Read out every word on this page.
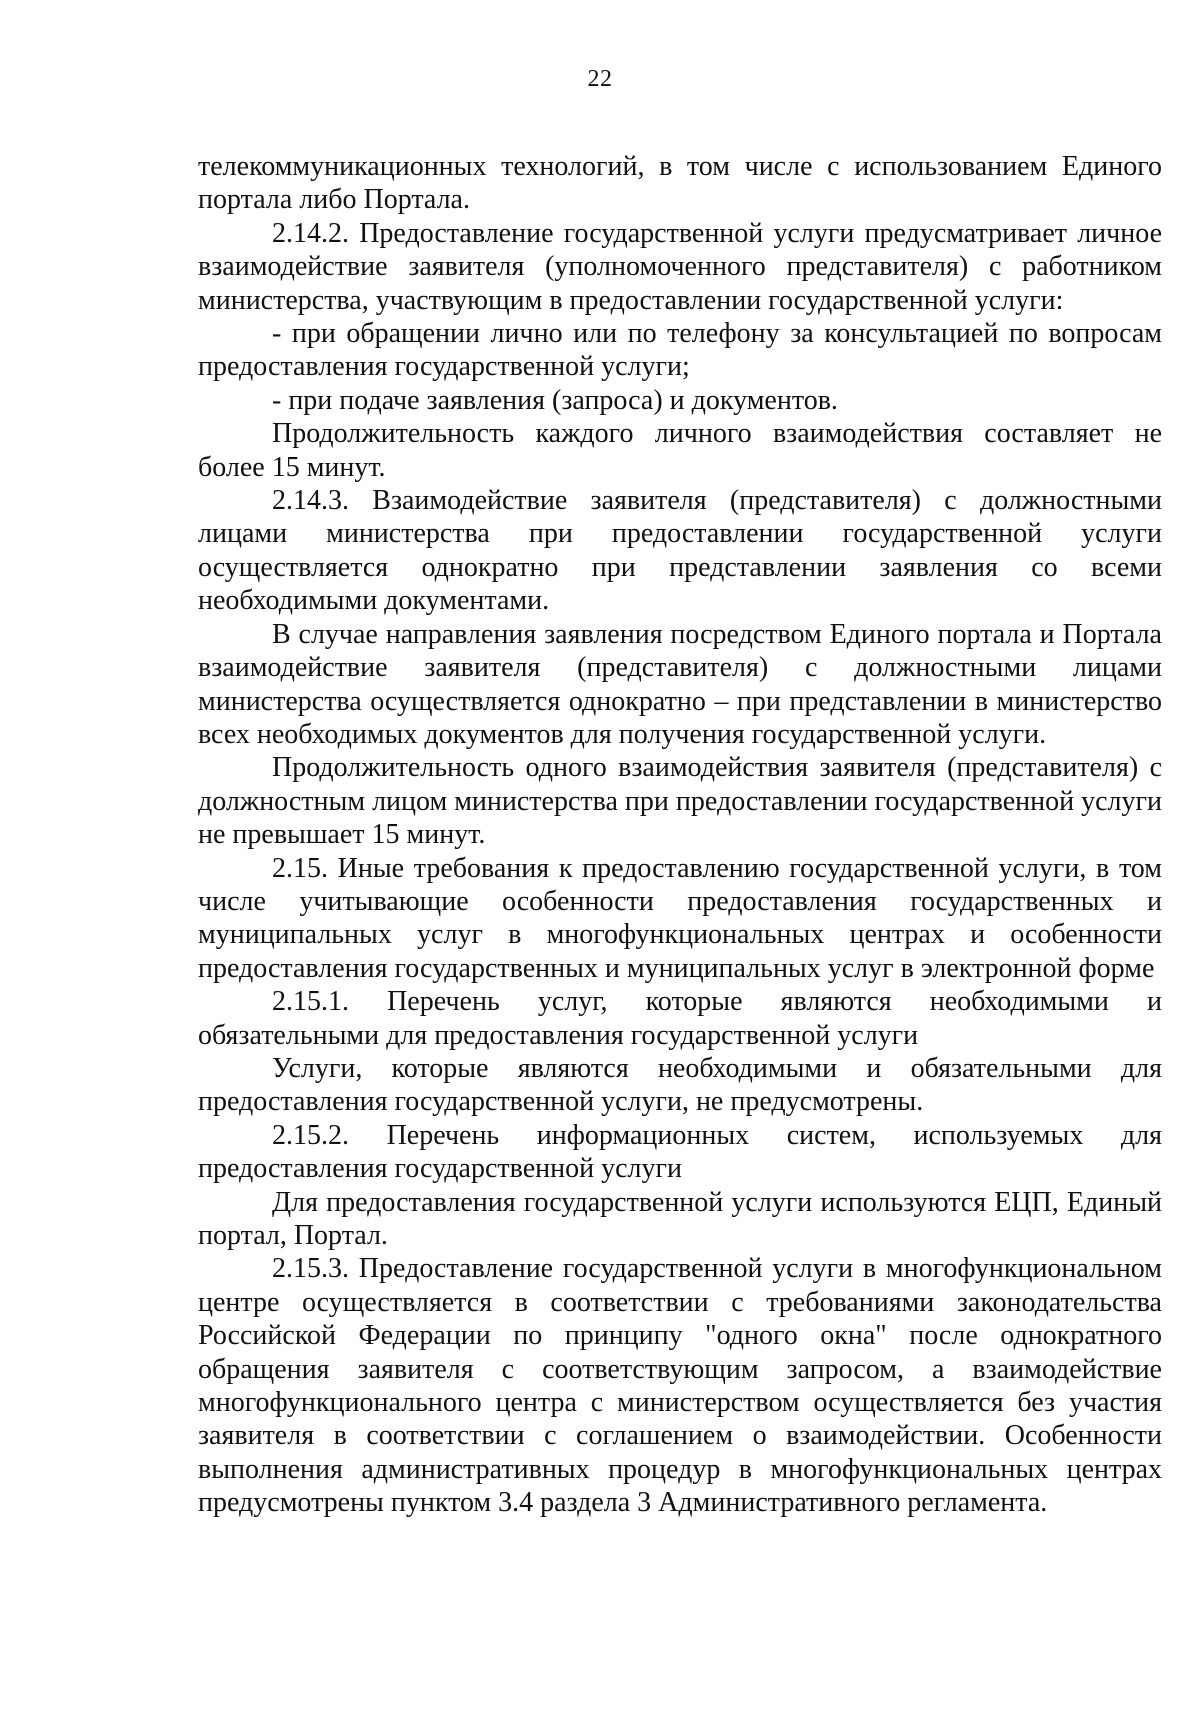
22

телекоммуникационных технологий, в том числе с использованием Единого портала либо Портала.

2.14.2. Предоставление государственной услуги предусматривает личное взаимодействие заявителя (уполномоченного представителя) с работником министерства, участвующим в предоставлении государственной услуги:

- при обращении лично или по телефону за консультацией по вопросам предоставления государственной услуги;

- при подаче заявления (запроса) и документов.

Продолжительность каждого личного взаимодействия составляет не более 15 минут.

2.14.3. Взаимодействие заявителя (представителя) с должностными лицами министерства при предоставлении государственной услуги осуществляется однократно при представлении заявления со всеми необходимыми документами.

В случае направления заявления посредством Единого портала и Портала взаимодействие заявителя (представителя) с должностными лицами министерства осуществляется однократно – при представлении в министерство всех необходимых документов для получения государственной услуги.

Продолжительность одного взаимодействия заявителя (представителя) с должностным лицом министерства при предоставлении государственной услуги не превышает 15 минут.

2.15. Иные требования к предоставлению государственной услуги, в том числе учитывающие особенности предоставления государственных и муниципальных услуг в многофункциональных центрах и особенности предоставления государственных и муниципальных услуг в электронной форме

2.15.1. Перечень услуг, которые являются необходимыми и обязательными для предоставления государственной услуги

Услуги, которые являются необходимыми и обязательными для предоставления государственной услуги, не предусмотрены.

2.15.2. Перечень информационных систем, используемых для предоставления государственной услуги

Для предоставления государственной услуги используются ЕЦП, Единый портал, Портал.

2.15.3. Предоставление государственной услуги в многофункциональном центре осуществляется в соответствии с требованиями законодательства Российской Федерации по принципу "одного окна" после однократного обращения заявителя с соответствующим запросом, а взаимодействие многофункционального центра с министерством осуществляется без участия заявителя в соответствии с соглашением о взаимодействии. Особенности выполнения административных процедур в многофункциональных центрах предусмотрены пунктом 3.4 раздела 3 Административного регламента.
